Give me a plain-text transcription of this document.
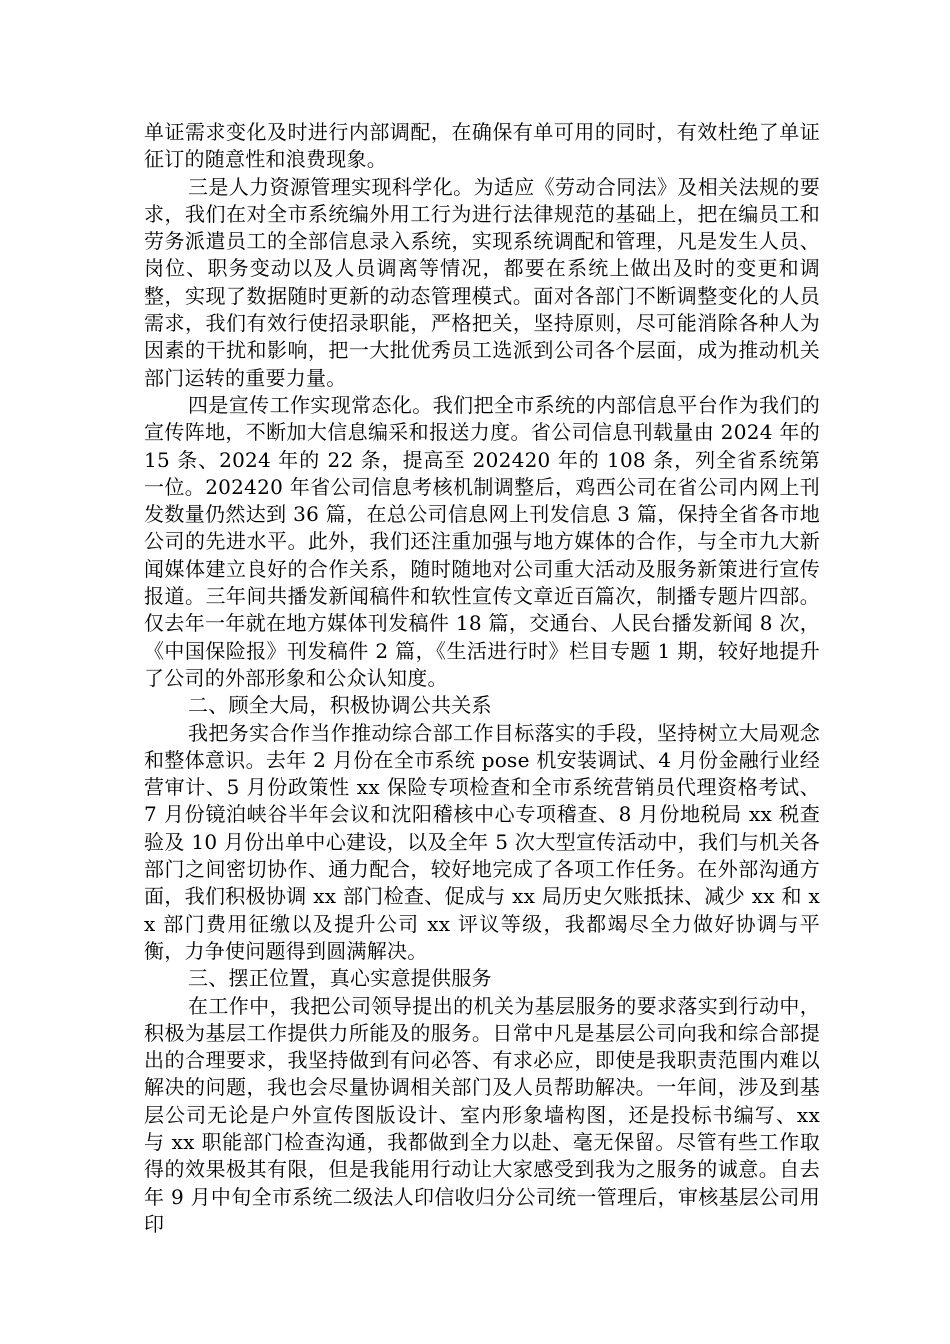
单证需求变化及时进行内部调配，在确保有单可用的同时，有效杜绝了单证征订的随意性和浪费现象。

三是人力资源管理实现科学化。为适应《劳动合同法》及相关法规的要求，我们在对全市系统编外用工行为进行法律规范的基础上，把在编员工和劳务派遣员工的全部信息录入系统，实现系统调配和管理，凡是发生人员、岗位、职务变动以及人员调离等情况，都要在系统上做出及时的变更和调整，实现了数据随时更新的动态管理模式。面对各部门不断调整变化的人员需求，我们有效行使招录职能，严格把关，坚持原则，尽可能消除各种人为因素的干扰和影响，把一大批优秀员工选派到公司各个层面，成为推动机关部门运转的重要力量。

四是宣传工作实现常态化。我们把全市系统的内部信息平台作为我们的宣传阵地，不断加大信息编采和报送力度。省公司信息刊载量由 2024 年的 15 条、2024 年的 22 条，提高至 202420 年的 108 条，列全省系统第一位。202420 年省公司信息考核机制调整后，鸡西公司在省公司内网上刊发数量仍然达到 36 篇，在总公司信息网上刊发信息 3 篇，保持全省各市地公司的先进水平。此外，我们还注重加强与地方媒体的合作，与全市九大新闻媒体建立良好的合作关系，随时随地对公司重大活动及服务新策进行宣传报道。三年间共播发新闻稿件和软性宣传文章近百篇次，制播专题片四部。仅去年一年就在地方媒体刊发稿件 18 篇，交通台、人民台播发新闻 8 次，《中国保险报》刊发稿件 2 篇，《生活进行时》栏目专题 1 期，较好地提升了公司的外部形象和公众认知度。

二、顾全大局，积极协调公共关系

我把务实合作当作推动综合部工作目标落实的手段，坚持树立大局观念和整体意识。去年 2 月份在全市系统 pose 机安装调试、4 月份金融行业经营审计、5 月份政策性 xx 保险专项检查和全市系统营销员代理资格考试、7 月份镜泊峡谷半年会议和沈阳稽核中心专项稽查、8 月份地税局 xx 税查验及 10 月份出单中心建设，以及全年 5 次大型宣传活动中，我们与机关各部门之间密切协作、通力配合，较好地完成了各项工作任务。在外部沟通方面，我们积极协调 xx 部门检查、促成与 xx 局历史欠账抵抹、减少 xx 和 xx 部门费用征缴以及提升公司 xx 评议等级，我都竭尽全力做好协调与平衡，力争使问题得到圆满解决。

三、摆正位置，真心实意提供服务

在工作中，我把公司领导提出的机关为基层服务的要求落实到行动中，积极为基层工作提供力所能及的服务。日常中凡是基层公司向我和综合部提出的合理要求，我坚持做到有问必答、有求必应，即使是我职责范围内难以解决的问题，我也会尽量协调相关部门及人员帮助解决。一年间，涉及到基层公司无论是户外宣传图版设计、室内形象墙构图，还是投标书编写、xx 与 xx 职能部门检查沟通，我都做到全力以赴、毫无保留。尽管有些工作取得的效果极其有限，但是我能用行动让大家感受到我为之服务的诚意。自去年 9 月中旬全市系统二级法人印信收归分公司统一管理后，审核基层公司用印
